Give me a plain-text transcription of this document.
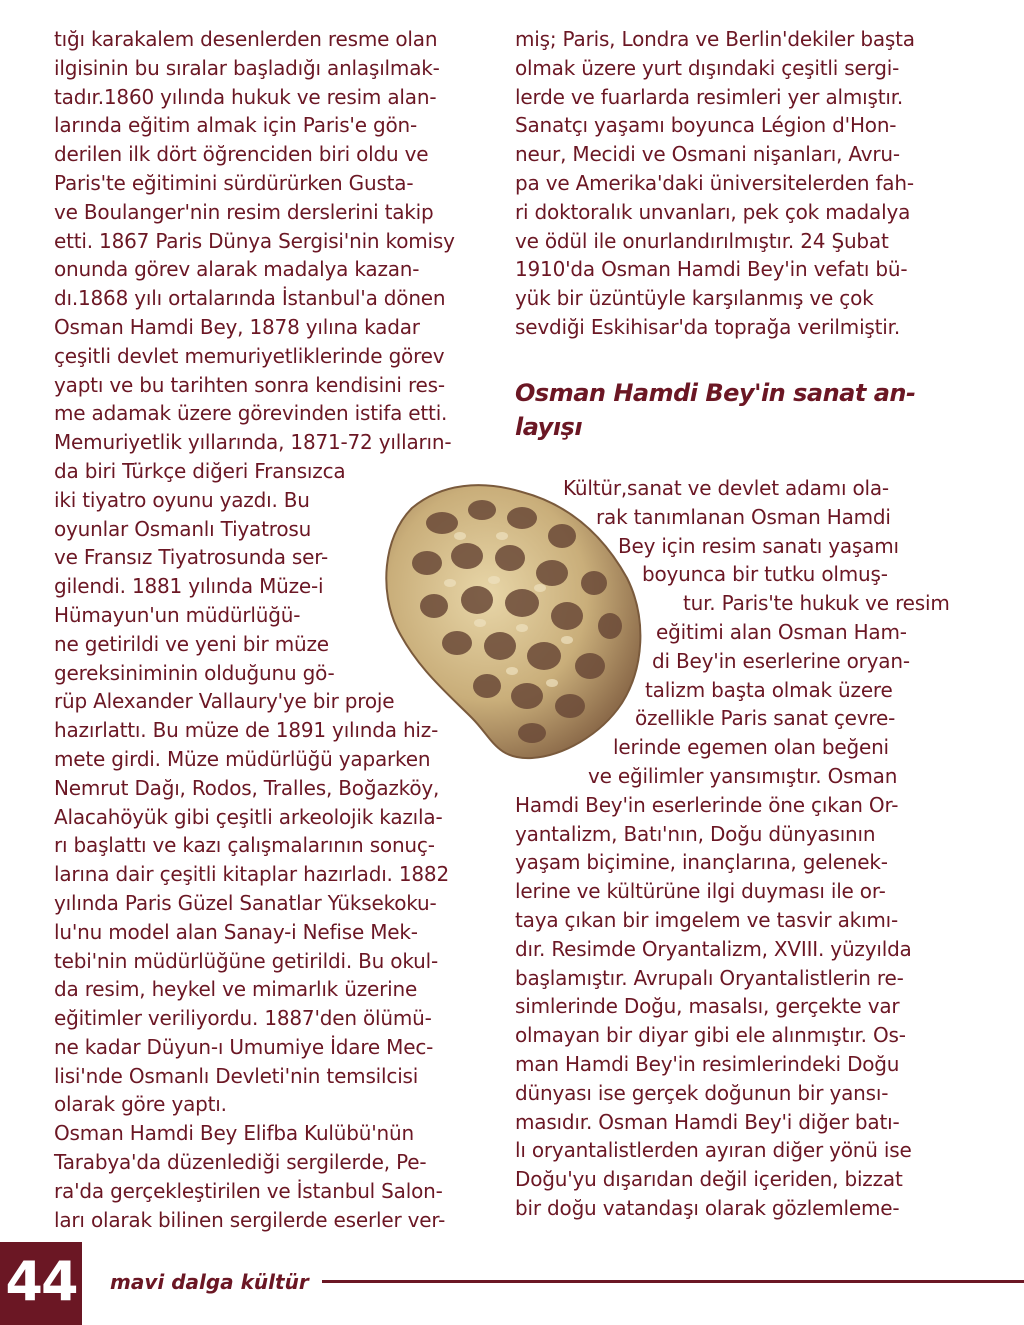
tığı karakalem desenlerden resme olan
ilgisinin bu sıralar başladığı anlaşılmak-
tadır.1860 yılında hukuk ve resim alan-
larında eğitim almak için Paris'e gön-
derilen ilk dört öğrenciden biri oldu ve
Paris'te eğitimini sürdürürken Gusta-
ve Boulanger'nin resim derslerini takip
etti. 1867 Paris Dünya Sergisi'nin komisy
onunda görev alarak madalya kazan-
dı.1868 yılı ortalarında İstanbul'a dönen
Osman Hamdi Bey, 1878 yılına kadar
çeşitli devlet memuriyetliklerinde görev
yaptı ve bu tarihten sonra kendisini res-
me adamak üzere görevinden istifa etti.
Memuriyetlik yıllarında, 1871-72 yılların-
da biri Türkçe diğeri Fransızca
iki tiyatro oyunu yazdı. Bu
oyunlar Osmanlı Tiyatrosu
ve Fransız Tiyatrosunda ser-
gilendi. 1881 yılında Müze-i
Hümayun'un müdürlüğü-
ne getirildi ve yeni bir müze
gereksiniminin olduğunu gö-
rüp Alexander Vallaury'ye bir proje
hazırlattı. Bu müze de 1891 yılında hiz-
mete girdi. Müze müdürlüğü yaparken
Nemrut Dağı, Rodos, Tralles, Boğazköy,
Alacahöyük gibi çeşitli arkeolojik kazıla-
rı başlattı ve kazı çalışmalarının sonuç-
larına dair çeşitli kitaplar hazırladı. 1882
yılında Paris Güzel Sanatlar Yüksekoku-
lu'nu model alan Sanay-i Nefise Mek-
tebi'nin müdürlüğüne getirildi. Bu okul-
da resim, heykel ve mimarlık üzerine
eğitimler veriliyordu. 1887'den ölümü-
ne kadar Düyun-ı Umumiye İdare Mec-
lisi'nde Osmanlı Devleti'nin temsilcisi
olarak göre yaptı.
Osman Hamdi Bey Elifba Kulübü'nün
Tarabya'da düzenlediği sergilerde, Pe-
ra'da gerçekleştirilen ve İstanbul Salon-
ları olarak bilinen sergilerde eserler ver-
miş; Paris, Londra ve Berlin'dekiler başta
olmak üzere yurt dışındaki çeşitli sergi-
lerde ve fuarlarda resimleri yer almıştır.
Sanatçı yaşamı boyunca Légion d'Hon-
neur, Mecidi ve Osmani nişanları, Avru-
pa ve Amerika'daki üniversitelerden fah-
ri doktoralık unvanları, pek çok madalya
ve ödül ile onurlandırılmıştır. 24 Şubat
1910'da Osman Hamdi Bey'in vefatı bü-
yük bir üzüntüyle karşılanmış ve çok
sevdiği Eskihisar'da toprağa verilmiştir.
Osman Hamdi Bey'in sanat an-
layışı
Kültür,sanat ve devlet adamı ola-
rak tanımlanan Osman Hamdi
Bey için resim sanatı yaşamı
boyunca bir tutku olmuş-
tur. Paris'te hukuk ve resim
eğitimi alan Osman Ham-
di Bey'in eserlerine oryan-
talizm başta olmak üzere
özellikle Paris sanat çevre-
lerinde egemen olan beğeni
ve eğilimler yansımıştır. Osman
Hamdi Bey'in eserlerinde öne çıkan Or-
yantalizm, Batı'nın, Doğu dünyasının
yaşam biçimine, inançlarına, gelenek-
lerine ve kültürüne ilgi duyması ile or-
taya çıkan bir imgelem ve tasvir akımı-
dır. Resimde Oryantalizm, XVIII. yüzyılda
başlamıştır. Avrupalı Oryantalistlerin re-
simlerinde Doğu, masalsı, gerçekte var
olmayan bir diyar gibi ele alınmıştır. Os-
man Hamdi Bey'in resimlerindeki Doğu
dünyası ise gerçek doğunun bir yansı-
masıdır. Osman Hamdi Bey'i diğer batı-
lı oryantalistlerden ayıran diğer yönü ise
Doğu'yu dışarıdan değil içeriden, bizzat
bir doğu vatandaşı olarak gözlemleme-
44 mavi dalga kültür
